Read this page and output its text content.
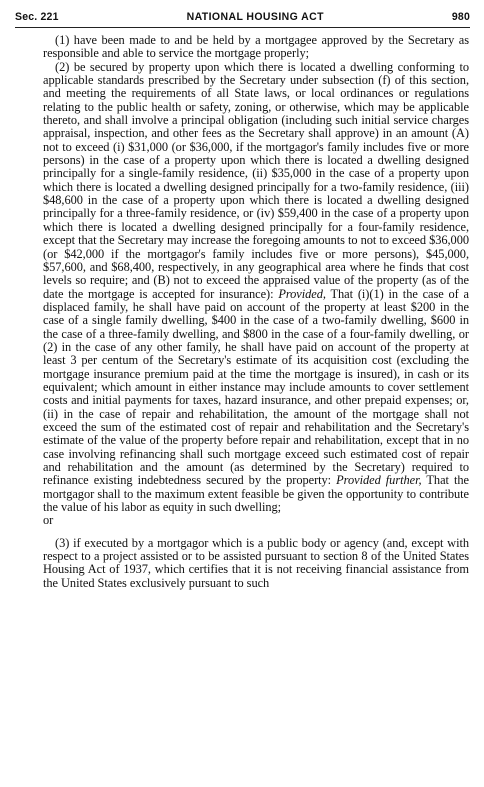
Sec. 221	NATIONAL HOUSING ACT	980

(1) have been made to and be held by a mortgagee approved by the Secretary as responsible and able to service the mortgage properly;

(2) be secured by property upon which there is located a dwelling conforming to applicable standards prescribed by the Secretary under subsection (f) of this section, and meeting the requirements of all State laws, or local ordinances or regulations relating to the public health or safety, zoning, or otherwise, which may be applicable thereto, and shall involve a principal obligation (including such initial service charges appraisal, inspection, and other fees as the Secretary shall approve) in an amount (A) not to exceed (i) $31,000 (or $36,000, if the mortgagor's family includes five or more persons) in the case of a property upon which there is located a dwelling designed principally for a single-family residence, (ii) $35,000 in the case of a property upon which there is located a dwelling designed principally for a two-family residence, (iii) $48,600 in the case of a property upon which there is located a dwelling designed principally for a three-family residence, or (iv) $59,400 in the case of a property upon which there is located a dwelling designed principally for a four-family residence, except that the Secretary may increase the foregoing amounts to not to exceed $36,000 (or $42,000 if the mortgagor's family includes five or more persons), $45,000, $57,600, and $68,400, respectively, in any geographical area where he finds that cost levels so require; and (B) not to exceed the appraised value of the property (as of the date the mortgage is accepted for insurance): Provided, That (i)(1) in the case of a displaced family, he shall have paid on account of the property at least $200 in the case of a single family dwelling, $400 in the case of a two-family dwelling, $600 in the case of a three-family dwelling, and $800 in the case of a four-family dwelling, or (2) in the case of any other family, he shall have paid on account of the property at least 3 per centum of the Secretary's estimate of its acquisition cost (excluding the mortgage insurance premium paid at the time the mortgage is insured), in cash or its equivalent; which amount in either instance may include amounts to cover settlement costs and initial payments for taxes, hazard insurance, and other prepaid expenses; or, (ii) in the case of repair and rehabilitation, the amount of the mortgage shall not exceed the sum of the estimated cost of repair and rehabilitation and the Secretary's estimate of the value of the property before repair and rehabilitation, except that in no case involving refinancing shall such mortgage exceed such estimated cost of repair and rehabilitation and the amount (as determined by the Secretary) required to refinance existing indebtedness secured by the property: Provided further, That the mortgagor shall to the maximum extent feasible be given the opportunity to contribute the value of his labor as equity in such dwelling;

or

(3) if executed by a mortgagor which is a public body or agency (and, except with respect to a project assisted or to be assisted pursuant to section 8 of the United States Housing Act of 1937, which certifies that it is not receiving financial assistance from the United States exclusively pursuant to such
